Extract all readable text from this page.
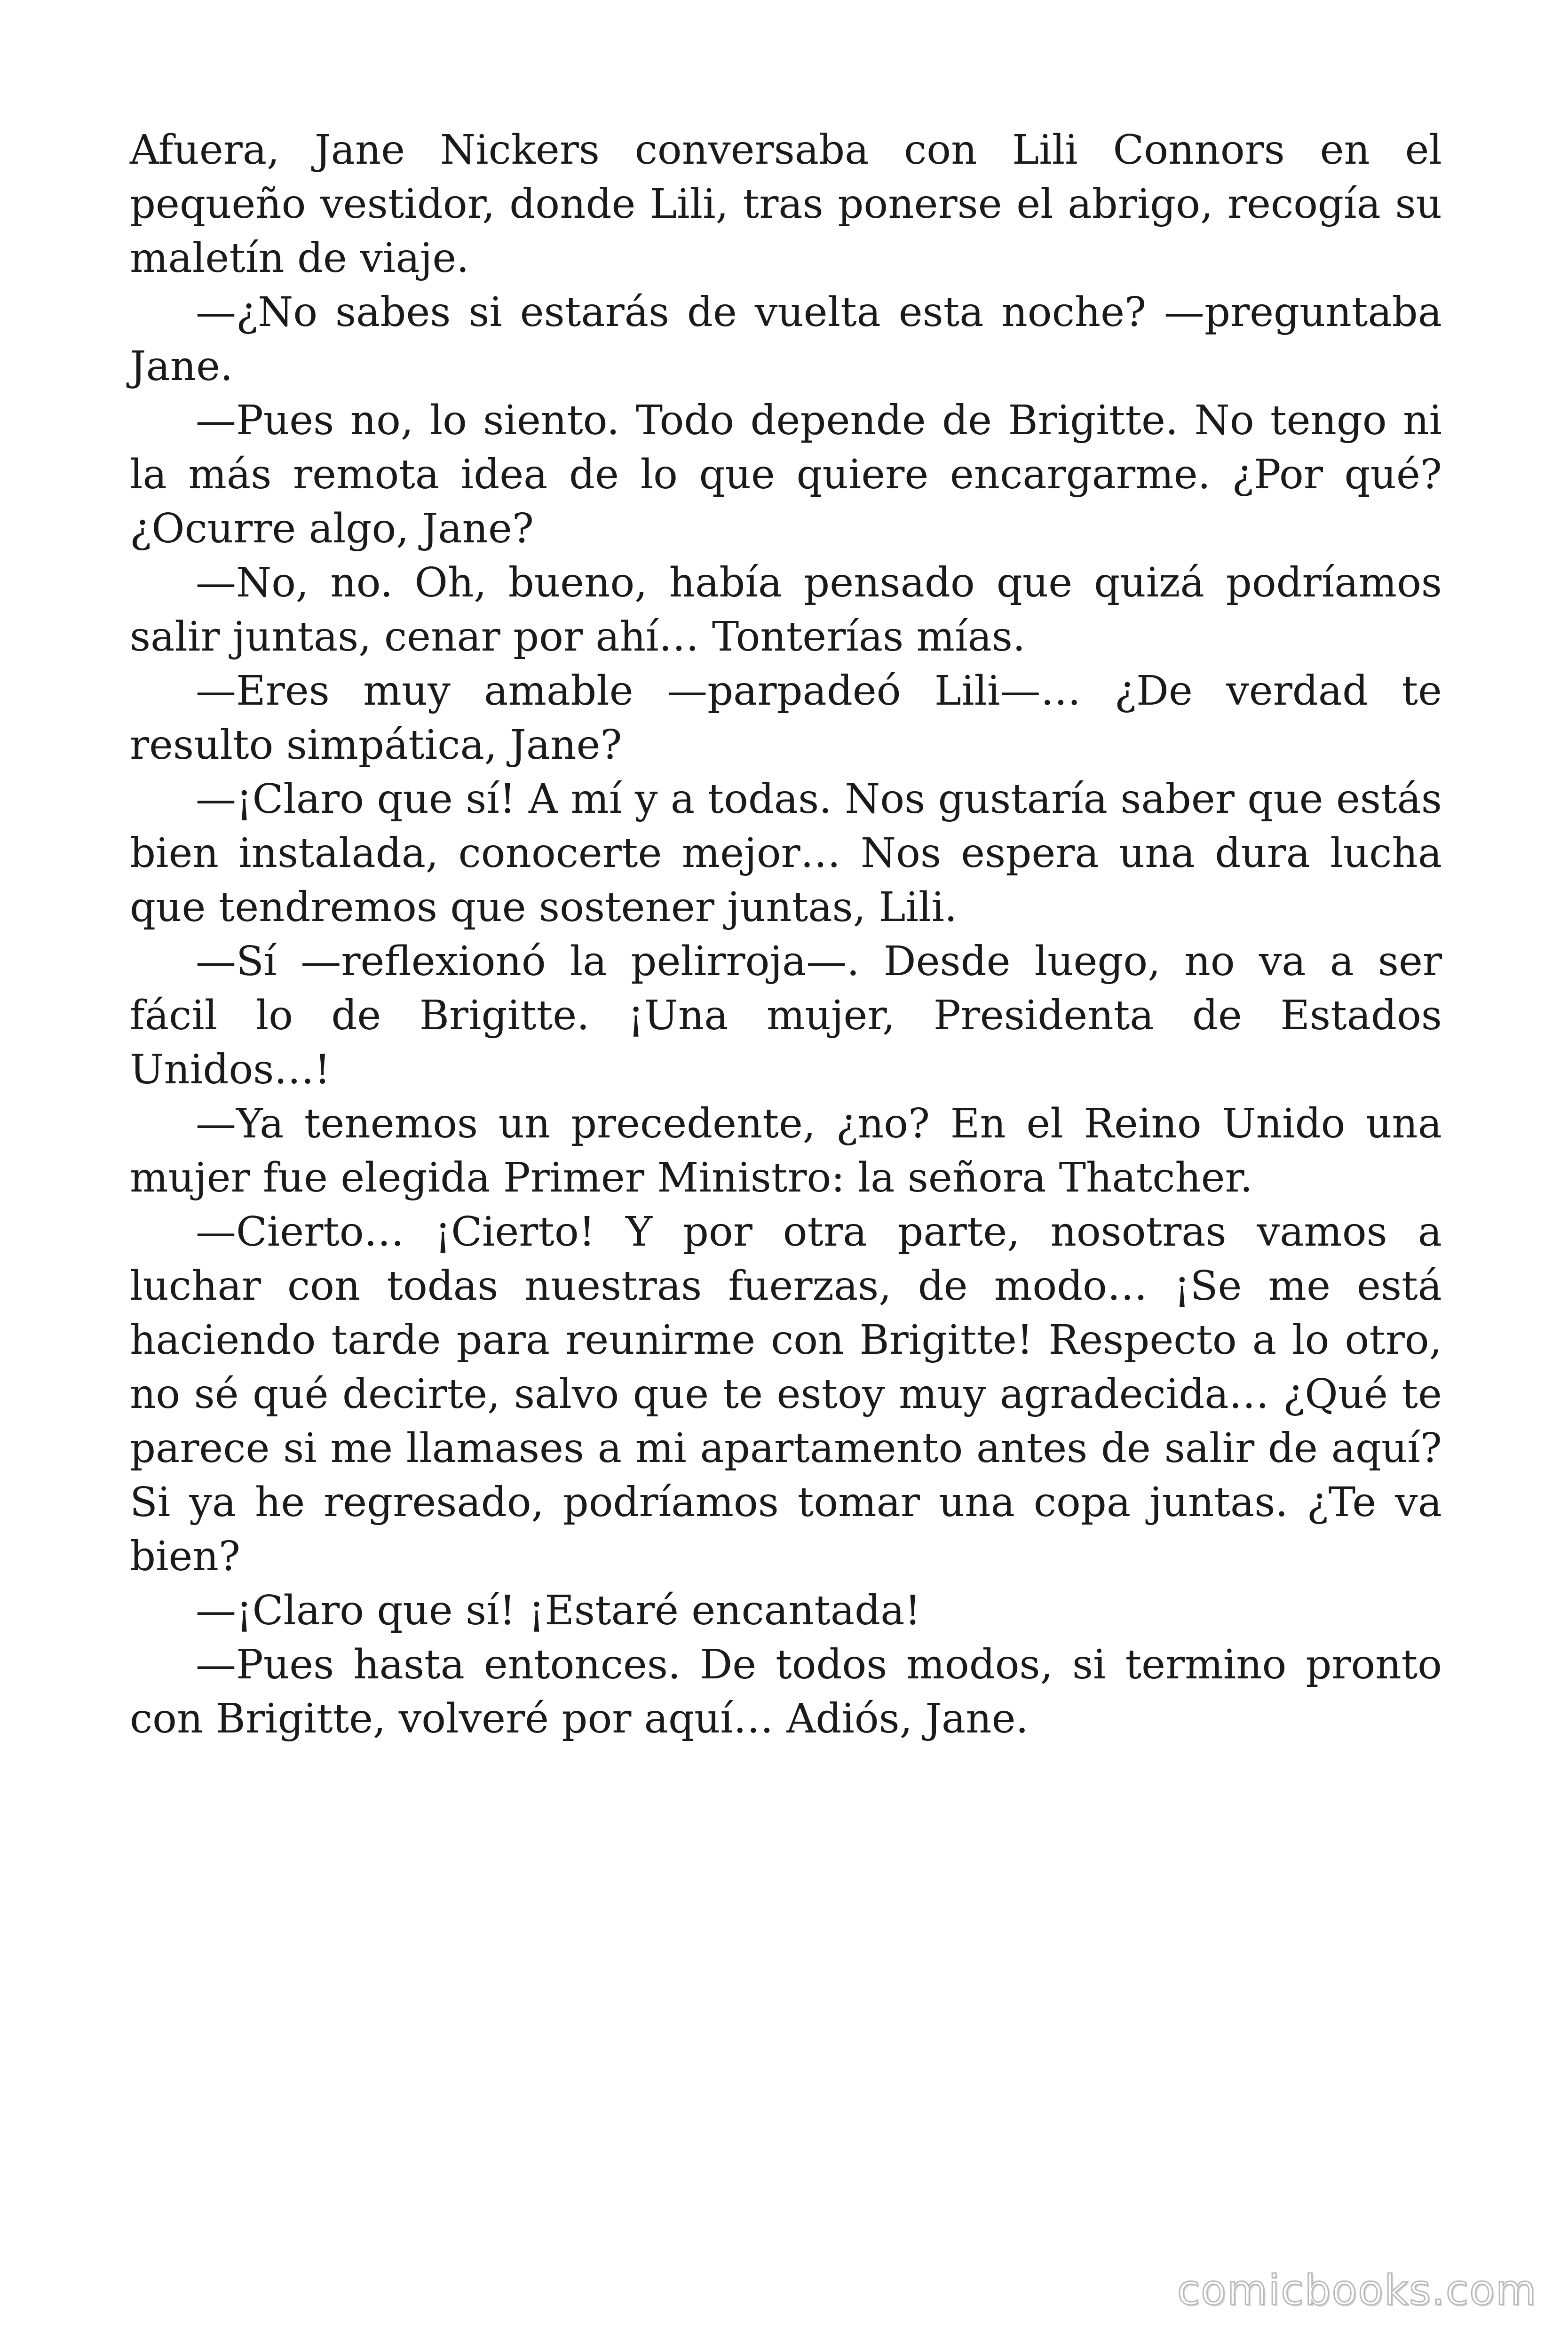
Afuera, Jane Nickers conversaba con Lili Connors en el pequeño vestidor, donde Lili, tras ponerse el abrigo, recogía su maletín de viaje.

—¿No sabes si estarás de vuelta esta noche? —preguntaba Jane.

—Pues no, lo siento. Todo depende de Brigitte. No tengo ni la más remota idea de lo que quiere encargarme. ¿Por qué? ¿Ocurre algo, Jane?

—No, no. Oh, bueno, había pensado que quizá podríamos salir juntas, cenar por ahí… Tonterías mías.

—Eres muy amable —parpadeó Lili—… ¿De verdad te resulto simpática, Jane?

—¡Claro que sí! A mí y a todas. Nos gustaría saber que estás bien instalada, conocerte mejor… Nos espera una dura lucha que tendremos que sostener juntas, Lili.

—Sí —reflexionó la pelirroja—. Desde luego, no va a ser fácil lo de Brigitte. ¡Una mujer, Presidenta de Estados Unidos…!

—Ya tenemos un precedente, ¿no? En el Reino Unido una mujer fue elegida Primer Ministro: la señora Thatcher.

—Cierto… ¡Cierto! Y por otra parte, nosotras vamos a luchar con todas nuestras fuerzas, de modo… ¡Se me está haciendo tarde para reunirme con Brigitte! Respecto a lo otro, no sé qué decirte, salvo que te estoy muy agradecida… ¿Qué te parece si me llamases a mi apartamento antes de salir de aquí? Si ya he regresado, podríamos tomar una copa juntas. ¿Te va bien?

—¡Claro que sí! ¡Estaré encantada!

—Pues hasta entonces. De todos modos, si termino pronto con Brigitte, volveré por aquí… Adiós, Jane.

comicbooks.com
